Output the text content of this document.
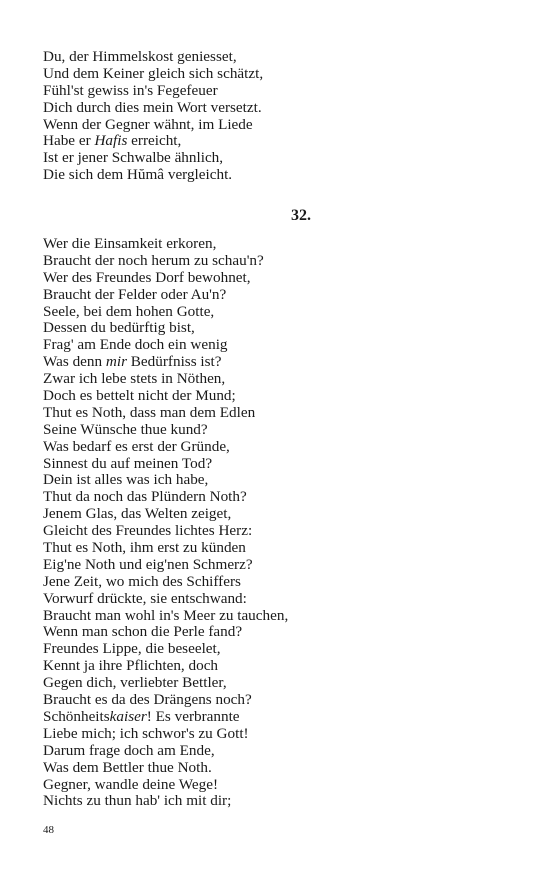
Du, der Himmelskost geniesset,
Und dem Keiner gleich sich schätzt,
Fühl'st gewiss in's Fegefeuer
Dich durch dies mein Wort versetzt.
Wenn der Gegner wähnt, im Liede
Habe er Hafis erreicht,
Ist er jener Schwalbe ähnlich,
Die sich dem Hŭmâ vergleicht.
32.
Wer die Einsamkeit erkoren,
Braucht der noch herum zu schau'n?
Wer des Freundes Dorf bewohnet,
Braucht der Felder oder Au'n?
Seele, bei dem hohen Gotte,
Dessen du bedürftig bist,
Frag' am Ende doch ein wenig
Was denn mir Bedürfniss ist?
Zwar ich lebe stets in Nöthen,
Doch es bettelt nicht der Mund;
Thut es Noth, dass man dem Edlen
Seine Wünsche thue kund?
Was bedarf es erst der Gründe,
Sinnest du auf meinen Tod?
Dein ist alles was ich habe,
Thut da noch das Plündern Noth?
Jenem Glas, das Welten zeiget,
Gleicht des Freundes lichtes Herz:
Thut es Noth, ihm erst zu künden
Eig'ne Noth und eig'nen Schmerz?
Jene Zeit, wo mich des Schiffers
Vorwurf drückte, sie entschwand:
Braucht man wohl in's Meer zu tauchen,
Wenn man schon die Perle fand?
Freundes Lippe, die beseelet,
Kennt ja ihre Pflichten, doch
Gegen dich, verliebter Bettler,
Braucht es da des Drängens noch?
Schönheitskaiser! Es verbrannte
Liebe mich; ich schwor's zu Gott!
Darum frage doch am Ende,
Was dem Bettler thue Noth.
Gegner, wandle deine Wege!
Nichts zu thun hab' ich mit dir;
48
